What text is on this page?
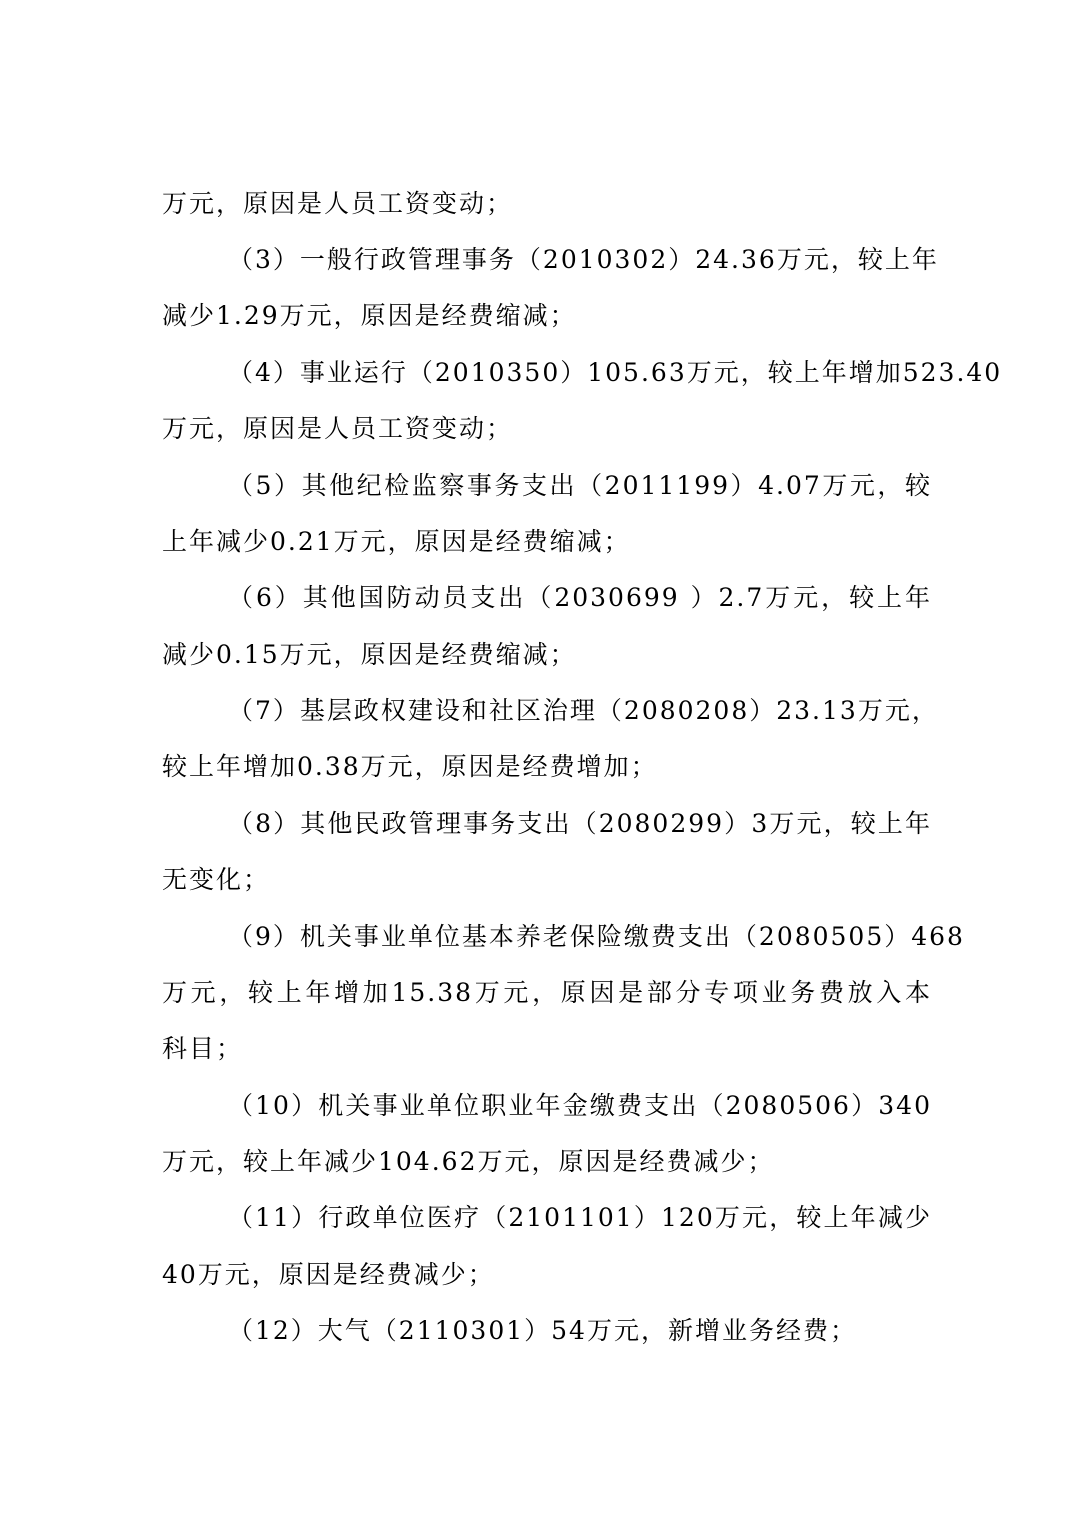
万元，原因是人员工资变动；
（3）一般行政管理事务（2010302）24.36万元，较上年
减少1.29万元，原因是经费缩减；
（4）事业运行（2010350）105.63万元，较上年增加523.40
万元，原因是人员工资变动；
（5）其他纪检监察事务支出（2011199）4.07万元，较
上年减少0.21万元，原因是经费缩减；
（6）其他国防动员支出（2030699 ）2.7万元，较上年
减少0.15万元，原因是经费缩减；
（7）基层政权建设和社区治理（2080208）23.13万元，
较上年增加0.38万元，原因是经费增加；
（8）其他民政管理事务支出（2080299）3万元，较上年
无变化；
（9）机关事业单位基本养老保险缴费支出（2080505）468
万元，较上年增加15.38万元，原因是部分专项业务费放入本
科目；
（10）机关事业单位职业年金缴费支出（2080506）340
万元，较上年减少104.62万元，原因是经费减少；
（11）行政单位医疗（2101101）120万元，较上年减少
40万元，原因是经费减少；
（12）大气（2110301）54万元，新增业务经费；
